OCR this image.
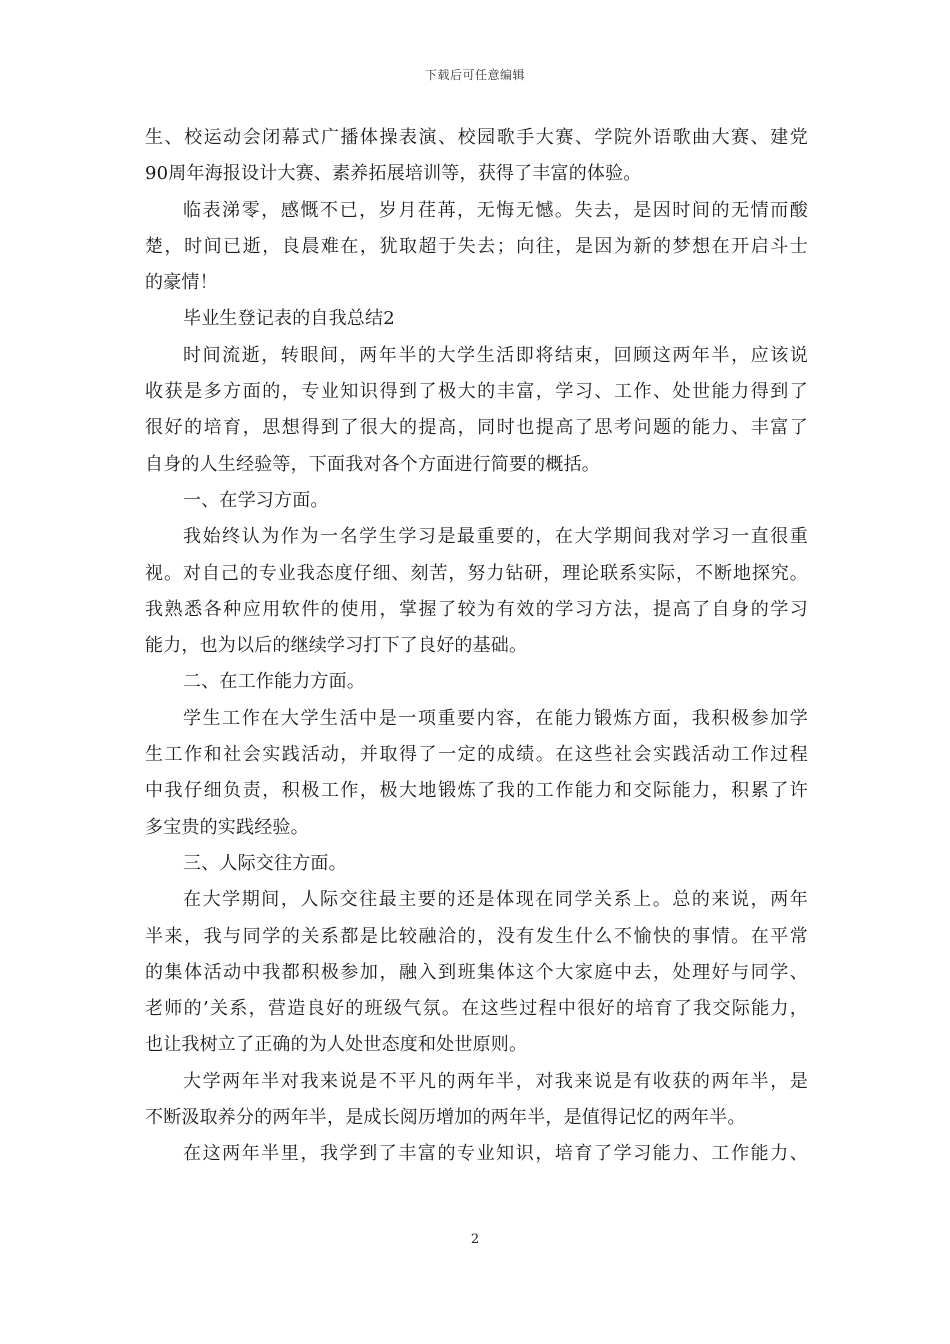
下载后可任意编辑
生、校运动会闭幕式广播体操表演、校园歌手大赛、学院外语歌曲大赛、建党
90周年海报设计大赛、素养拓展培训等，获得了丰富的体验。
临表涕零，感慨不已，岁月荏苒，无悔无憾。失去，是因时间的无情而酸
楚，时间已逝，良晨难在，犹取超于失去；向往，是因为新的梦想在开启斗士
的豪情！
毕业生登记表的自我总结2
时间流逝，转眼间，两年半的大学生活即将结束，回顾这两年半，应该说
收获是多方面的，专业知识得到了极大的丰富，学习、工作、处世能力得到了
很好的培育，思想得到了很大的提高，同时也提高了思考问题的能力、丰富了
自身的人生经验等，下面我对各个方面进行简要的概括。
一、在学习方面。
我始终认为作为一名学生学习是最重要的，在大学期间我对学习一直很重
视。对自己的专业我态度仔细、刻苦，努力钻研，理论联系实际，不断地探究。
我熟悉各种应用软件的使用，掌握了较为有效的学习方法，提高了自身的学习
能力，也为以后的继续学习打下了良好的基础。
二、在工作能力方面。
学生工作在大学生活中是一项重要内容，在能力锻炼方面，我积极参加学
生工作和社会实践活动，并取得了一定的成绩。在这些社会实践活动工作过程
中我仔细负责，积极工作，极大地锻炼了我的工作能力和交际能力，积累了许
多宝贵的实践经验。
三、人际交往方面。
在大学期间，人际交往最主要的还是体现在同学关系上。总的来说，两年
半来，我与同学的关系都是比较融洽的，没有发生什么不愉快的事情。在平常
的集体活动中我都积极参加，融入到班集体这个大家庭中去，处理好与同学、
老师的’关系，营造良好的班级气氛。在这些过程中很好的培育了我交际能力，
也让我树立了正确的为人处世态度和处世原则。
大学两年半对我来说是不平凡的两年半，对我来说是有收获的两年半，是
不断汲取养分的两年半，是成长阅历增加的两年半，是值得记忆的两年半。
在这两年半里，我学到了丰富的专业知识，培育了学习能力、工作能力、
2
